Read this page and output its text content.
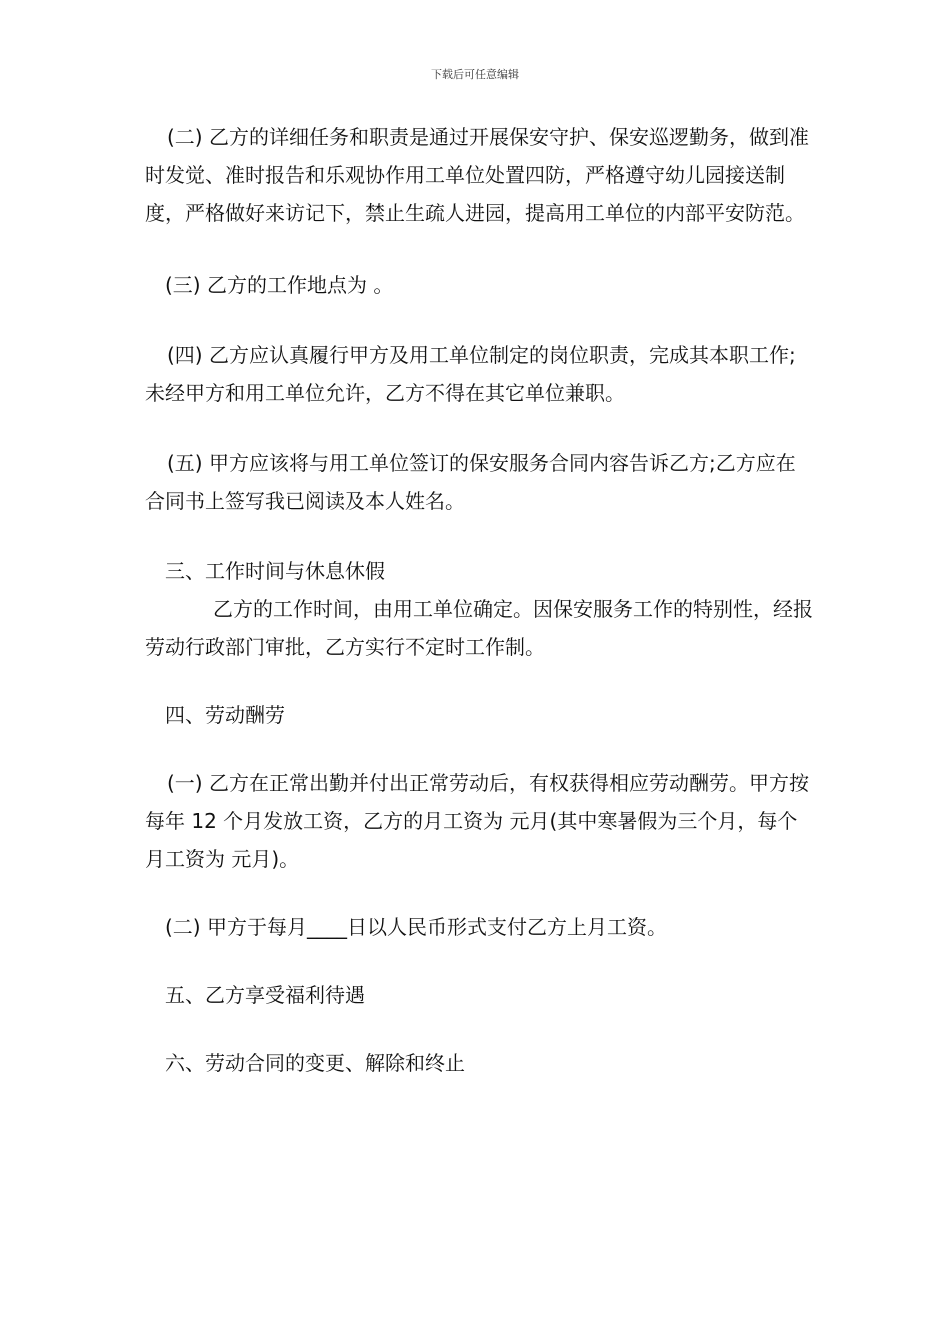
下载后可任意编辑

(二) 乙方的详细任务和职责是通过开展保安守护、保安巡逻勤务，做到准时发觉、准时报告和乐观协作用工单位处置四防，严格遵守幼儿园接送制度，严格做好来访记下，禁止生疏人进园，提高用工单位的内部平安防范。

(三) 乙方的工作地点为 。

(四) 乙方应认真履行甲方及用工单位制定的岗位职责，完成其本职工作;未经甲方和用工单位允许，乙方不得在其它单位兼职。

(五) 甲方应该将与用工单位签订的保安服务合同内容告诉乙方;乙方应在合同书上签写我已阅读及本人姓名。

三、工作时间与休息休假

乙方的工作时间，由用工单位确定。因保安服务工作的特别性，经报劳动行政部门审批，乙方实行不定时工作制。

四、劳动酬劳

(一) 乙方在正常出勤并付出正常劳动后，有权获得相应劳动酬劳。甲方按每年 12 个月发放工资，乙方的月工资为 元月(其中寒暑假为三个月，每个月工资为 元月)。

(二) 甲方于每月____日以人民币形式支付乙方上月工资。

五、乙方享受福利待遇

六、劳动合同的变更、解除和终止
